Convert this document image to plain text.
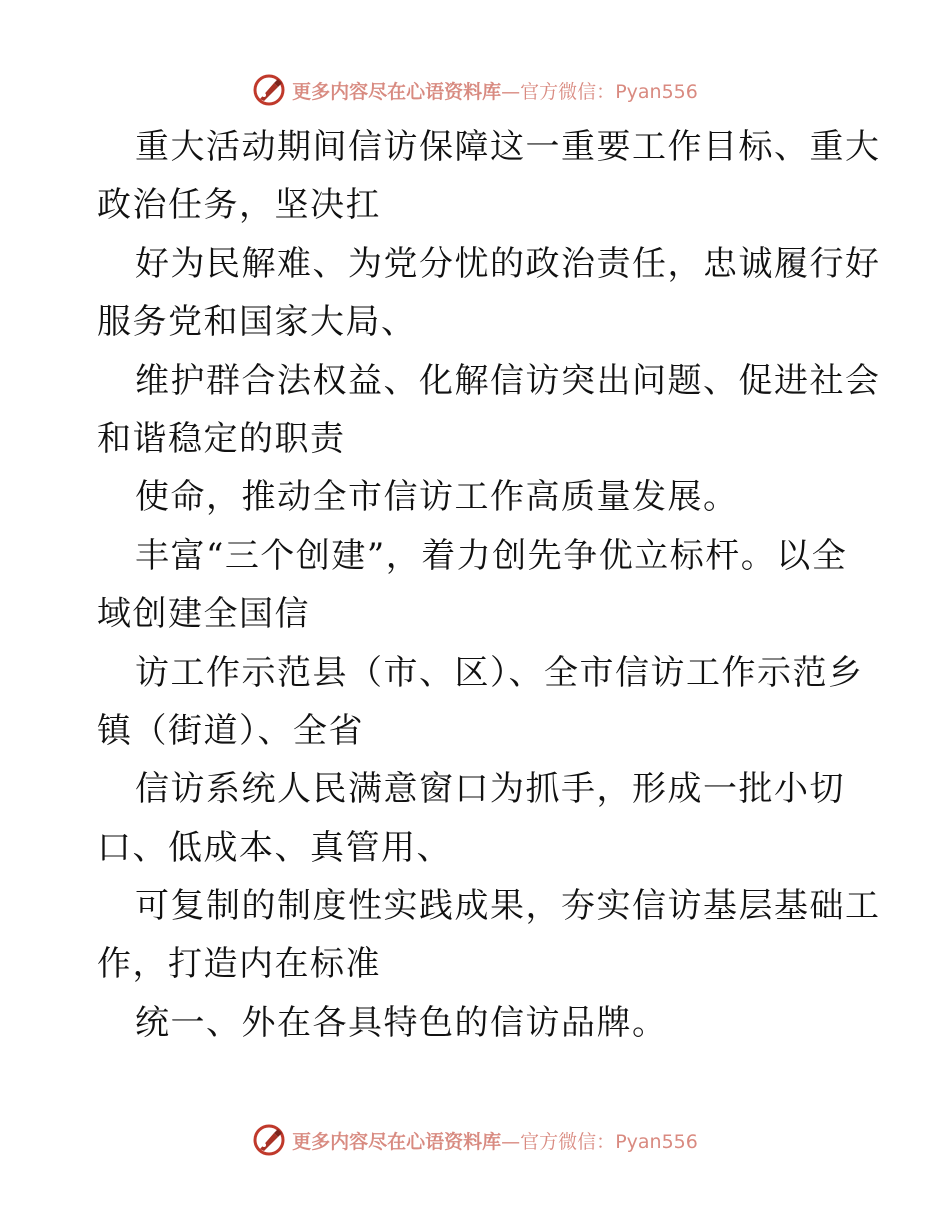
更多内容尽在心语资料库—官方微信：Pyan556
重大活动期间信访保障这一重要工作目标、重大
政治任务，坚决扛
好为民解难、为党分忧的政治责任，忠诚履行好
服务党和国家大局、
维护群合法权益、化解信访突出问题、促进社会
和谐稳定的职责
使命，推动全市信访工作高质量发展。
丰富“三个创建”，着力创先争优立标杆。以全
域创建全国信
访工作示范县（市、区）、全市信访工作示范乡
镇（街道）、全省
信访系统人民满意窗口为抓手，形成一批小切
口、低成本、真管用、
可复制的制度性实践成果，夯实信访基层基础工
作，打造内在标准
统一、外在各具特色的信访品牌。
更多内容尽在心语资料库—官方微信：Pyan556
